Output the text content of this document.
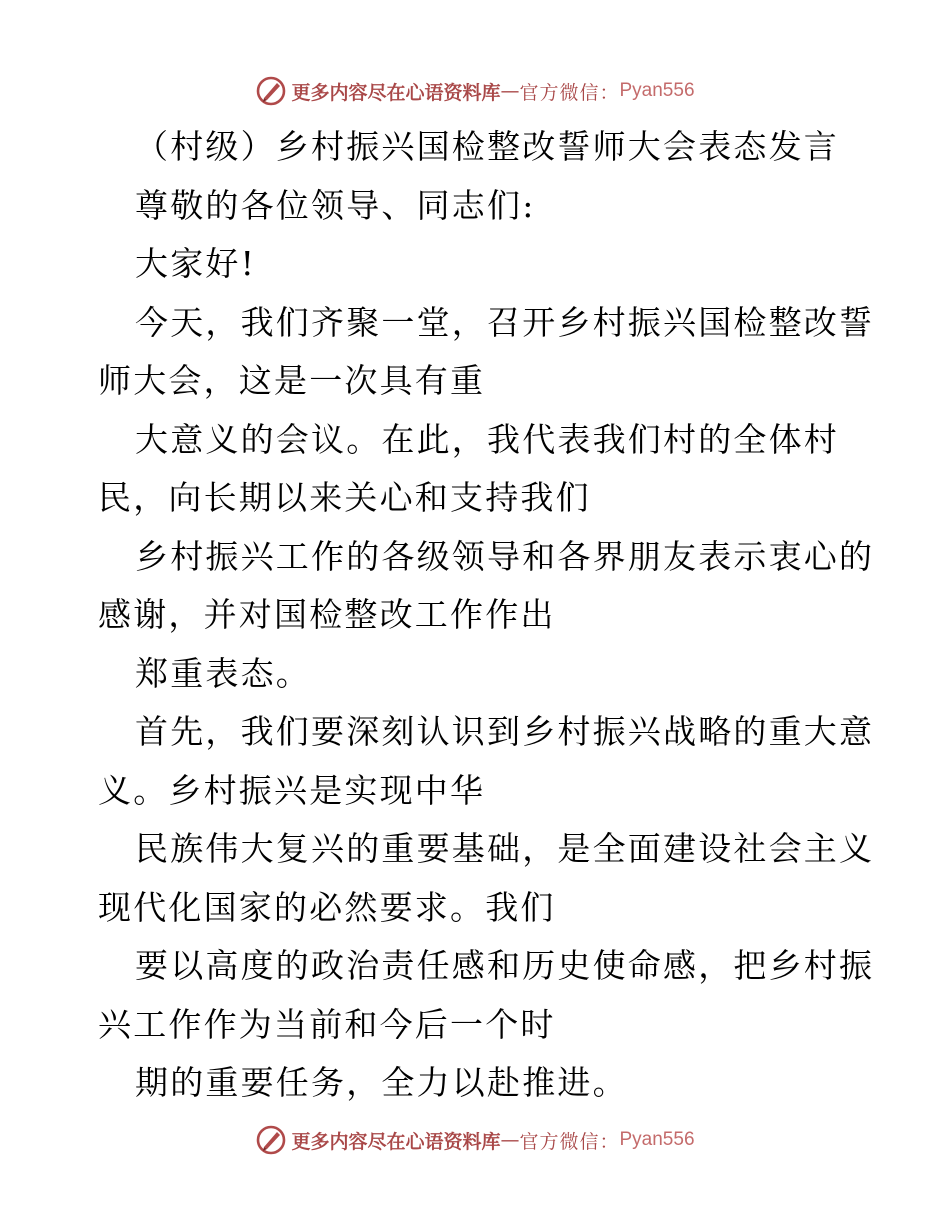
更多内容尽在心语资料库 — 官方微信： Pyan556
（村级）乡村振兴国检整改誓师大会表态发言
尊敬的各位领导、同志们:
大家好!
今天，我们齐聚一堂，召开乡村振兴国检整改誓
师大会，这是一次具有重
大意义的会议。在此，我代表我们村的全体村
民，向长期以来关心和支持我们
乡村振兴工作的各级领导和各界朋友表示衷心的
感谢，并对国检整改工作作出
郑重表态。
首先，我们要深刻认识到乡村振兴战略的重大意
义。乡村振兴是实现中华
民族伟大复兴的重要基础，是全面建设社会主义
现代化国家的必然要求。我们
要以高度的政治责任感和历史使命感，把乡村振
兴工作作为当前和今后一个时
期的重要任务，全力以赴推进。
更多内容尽在心语资料库 — 官方微信： Pyan556
